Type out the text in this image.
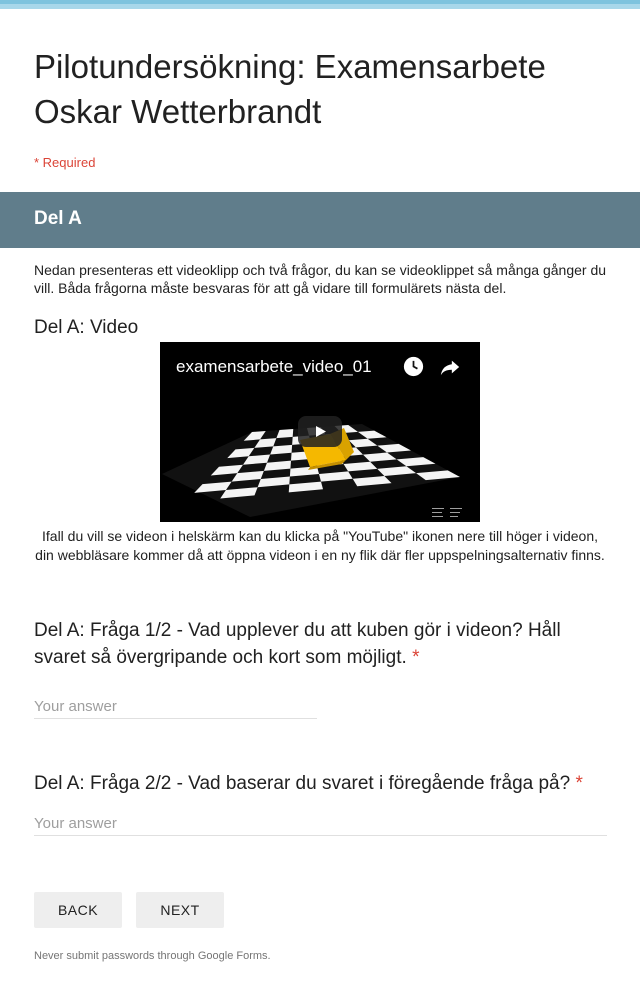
Pilotundersökning: Examensarbete Oskar Wetterbrandt
* Required
Del A
Nedan presenteras ett videoklipp och två frågor, du kan se videoklippet så många gånger du vill. Båda frågorna måste besvaras för att gå vidare till formulärets nästa del.
Del A: Video
examensarbete_video_01
Ifall du vill se videon i helskärm kan du klicka på "YouTube" ikonen nere till höger i videon, din webbläsare kommer då att öppna videon i en ny flik där fler uppspelningsalternativ finns.
Del A: Fråga 1/2 - Vad upplever du att kuben gör i videon? Håll svaret så övergripande och kort som möjligt. *
Your answer
Del A: Fråga 2/2 - Vad baserar du svaret i föregående fråga på? *
Your answer
BACK	NEXT
Never submit passwords through Google Forms.
